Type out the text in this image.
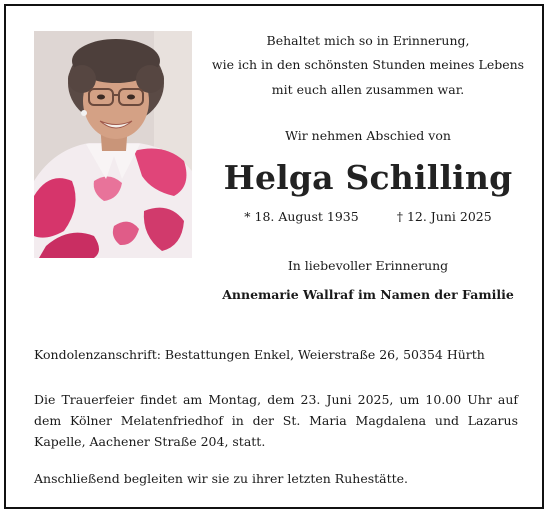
Behaltet mich so in Erinnerung,
wie ich in den schönsten Stunden meines Lebens
mit euch allen zusammen war.
Wir nehmen Abschied von
Helga Schilling
* 18. August 1935	† 12. Juni 2025
In liebevoller Erinnerung
Annemarie Wallraf im Namen der Familie
Kondolenzanschrift: Bestattungen Enkel, Weierstraße 26, 50354 Hürth
Die Trauerfeier findet am Montag, dem 23. Juni 2025, um 10.00 Uhr auf dem Kölner Melatenfriedhof in der St. Maria Magdalena und Lazarus Kapelle, Aachener Straße 204, statt.
Anschließend begleiten wir sie zu ihrer letzten Ruhestätte.
